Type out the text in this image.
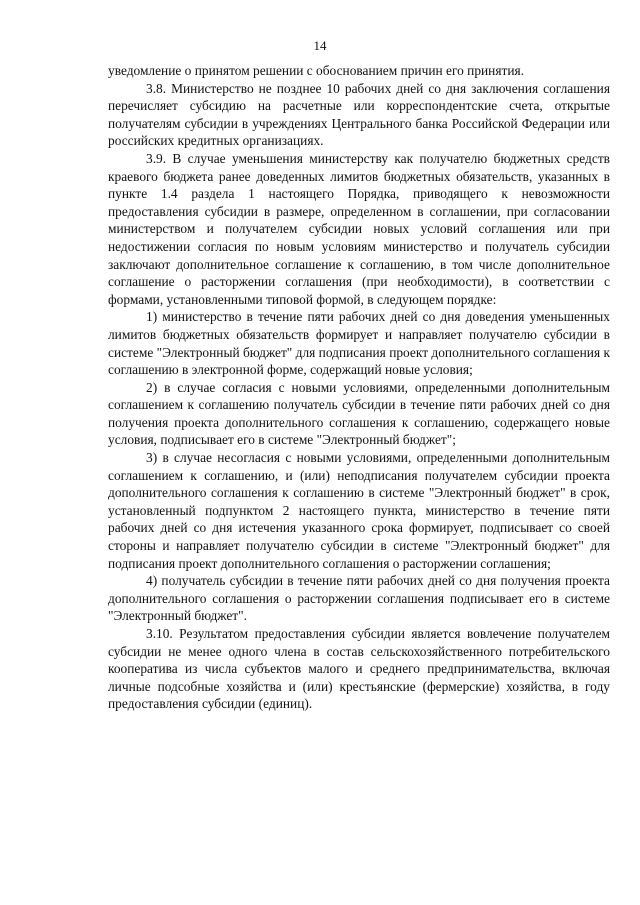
14

уведомление о принятом решении с обоснованием причин его принятия.

3.8. Министерство не позднее 10 рабочих дней со дня заключения соглашения перечисляет субсидию на расчетные или корреспондентские счета, открытые получателям субсидии в учреждениях Центрального банка Российской Федерации или российских кредитных организациях.

3.9. В случае уменьшения министерству как получателю бюджетных средств краевого бюджета ранее доведенных лимитов бюджетных обязательств, указанных в пункте 1.4 раздела 1 настоящего Порядка, приводящего к невозможности предоставления субсидии в размере, определенном в соглашении, при согласовании министерством и получателем субсидии новых условий соглашения или при недостижении согласия по новым условиям министерство и получатель субсидии заключают дополнительное соглашение к соглашению, в том числе дополнительное соглашение о расторжении соглашения (при необходимости), в соответствии с формами, установленными типовой формой, в следующем порядке:

1) министерство в течение пяти рабочих дней со дня доведения уменьшенных лимитов бюджетных обязательств формирует и направляет получателю субсидии в системе "Электронный бюджет" для подписания проект дополнительного соглашения к соглашению в электронной форме, содержащий новые условия;

2) в случае согласия с новыми условиями, определенными дополнительным соглашением к соглашению получатель субсидии в течение пяти рабочих дней со дня получения проекта дополнительного соглашения к соглашению, содержащего новые условия, подписывает его в системе "Электронный бюджет";

3) в случае несогласия с новыми условиями, определенными дополнительным соглашением к соглашению, и (или) неподписания получателем субсидии проекта дополнительного соглашения к соглашению в системе "Электронный бюджет" в срок, установленный подпунктом 2 настоящего пункта, министерство в течение пяти рабочих дней со дня истечения указанного срока формирует, подписывает со своей стороны и направляет получателю субсидии в системе "Электронный бюджет" для подписания проект дополнительного соглашения о расторжении соглашения;

4) получатель субсидии в течение пяти рабочих дней со дня получения проекта дополнительного соглашения о расторжении соглашения подписывает его в системе "Электронный бюджет".

3.10. Результатом предоставления субсидии является вовлечение получателем субсидии не менее одного члена в состав сельскохозяйственного потребительского кооператива из числа субъектов малого и среднего предпринимательства, включая личные подсобные хозяйства и (или) крестьянские (фермерские) хозяйства, в году предоставления субсидии (единиц).
